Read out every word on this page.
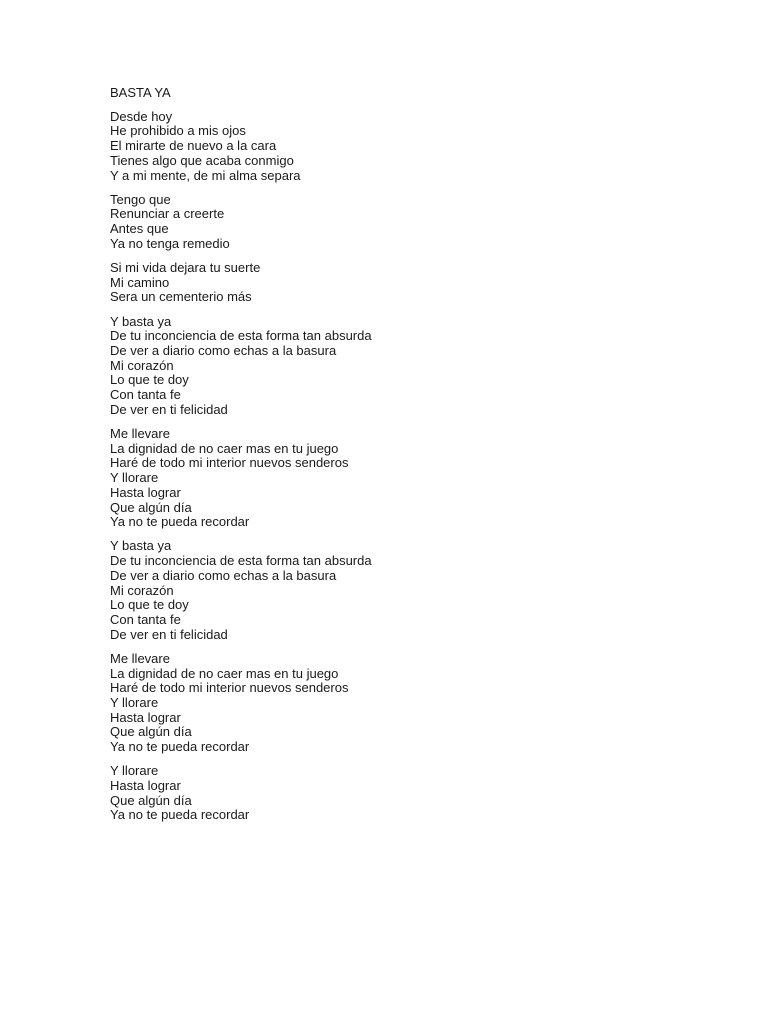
BASTA YA
Desde hoy
He prohibido a mis ojos
El mirarte de nuevo a la cara
Tienes algo que acaba conmigo
Y a mi mente, de mi alma separa
Tengo que
Renunciar a creerte
Antes que
Ya no tenga remedio
Si mi vida dejara tu suerte
Mi camino
Sera un cementerio más
Y basta ya
De tu inconciencia de esta forma tan absurda
De ver a diario como echas a la basura
Mi corazón
Lo que te doy
Con tanta fe
De ver en ti felicidad
Me llevare
La dignidad de no caer mas en tu juego
Haré de todo mi interior nuevos senderos
Y llorare
Hasta lograr
Que algún día
Ya no te pueda recordar
Y basta ya
De tu inconciencia de esta forma tan absurda
De ver a diario como echas a la basura
Mi corazón
Lo que te doy
Con tanta fe
De ver en ti felicidad
Me llevare
La dignidad de no caer mas en tu juego
Haré de todo mi interior nuevos senderos
Y llorare
Hasta lograr
Que algún día
Ya no te pueda recordar
Y llorare
Hasta lograr
Que algún día
Ya no te pueda recordar
